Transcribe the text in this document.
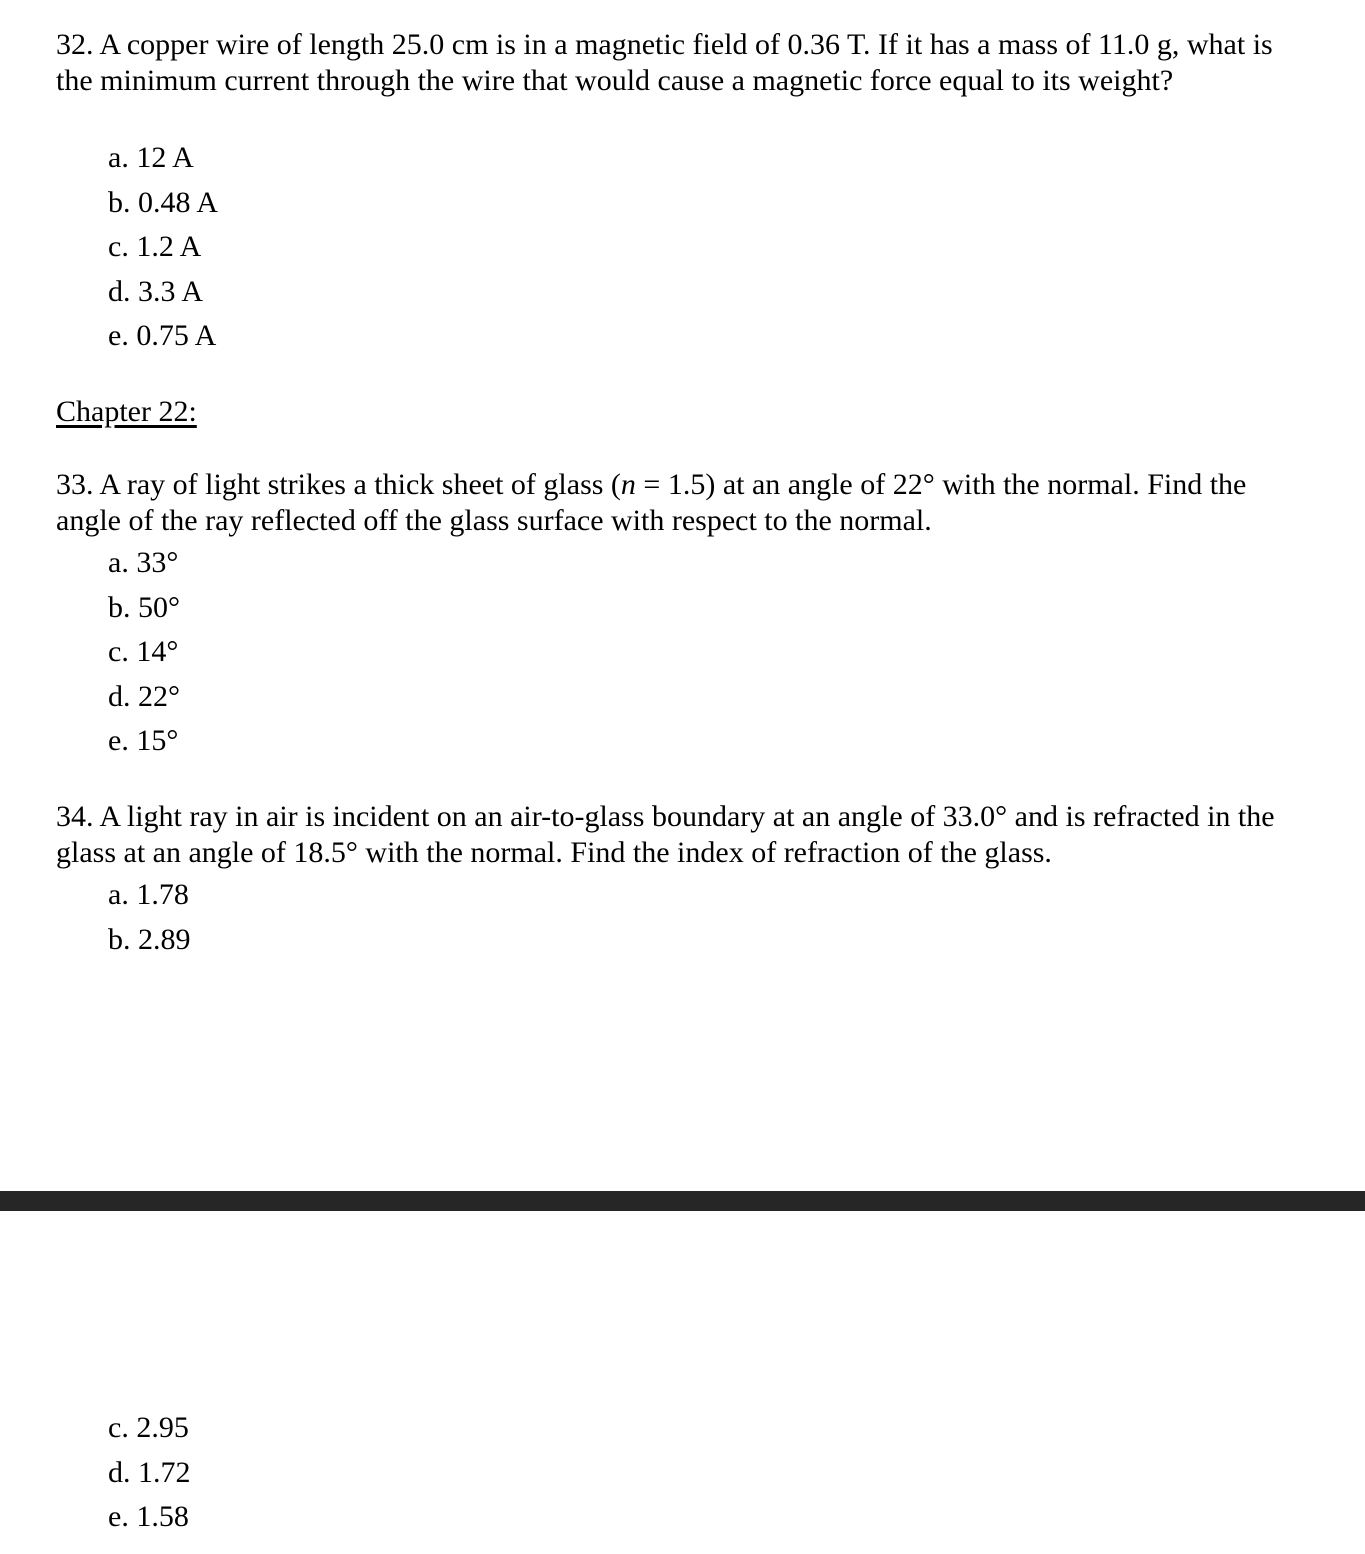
32. A copper wire of length 25.0 cm is in a magnetic field of 0.36 T. If it has a mass of 11.0 g, what is the minimum current through the wire that would cause a magnetic force equal to its weight?

a. 12 A
b. 0.48 A
c. 1.2 A
d. 3.3 A
e. 0.75 A

Chapter 22:

33. A ray of light strikes a thick sheet of glass (n = 1.5) at an angle of 22° with the normal. Find the angle of the ray reflected off the glass surface with respect to the normal.

a. 33°
b. 50°
c. 14°
d. 22°
e. 15°

34. A light ray in air is incident on an air-to-glass boundary at an angle of 33.0° and is refracted in the glass at an angle of 18.5° with the normal. Find the index of refraction of the glass.

a. 1.78
b. 2.89
c. 2.95
d. 1.72
e. 1.58
